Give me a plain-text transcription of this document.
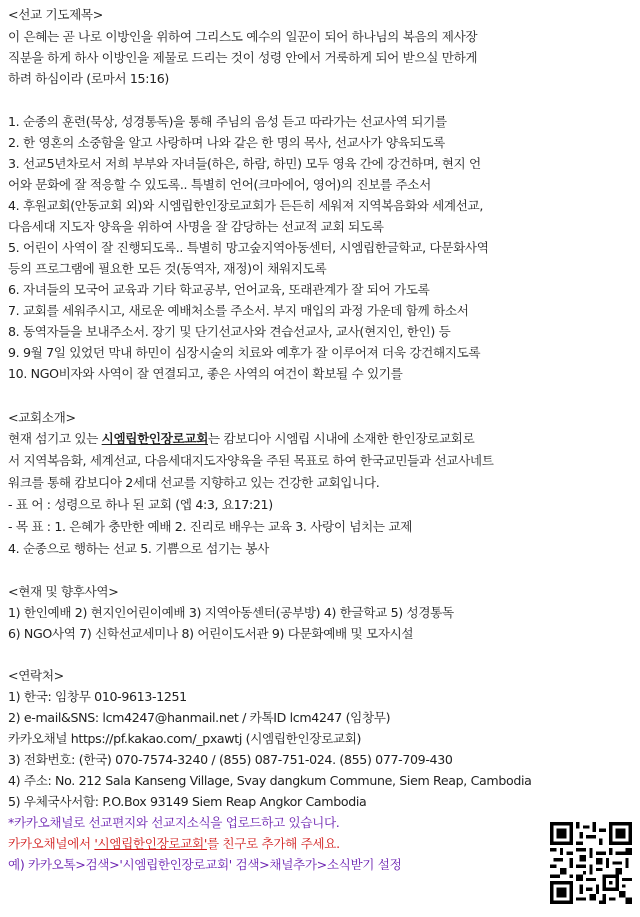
<선교 기도제목>
이 은혜는 곧 나로 이방인을 위하여 그리스도 예수의 일꾼이 되어 하나님의 복음의 제사장
직분을 하게 하사 이방인을 제물로 드리는 것이 성령 안에서 거룩하게 되어 받으실 만하게
하려 하심이라 (로마서 15:16)
1. 순종의 훈련(묵상, 성경통독)을 통해 주님의 음성 듣고 따라가는 선교사역 되기를
2. 한 영혼의 소중함을 알고 사랑하며 나와 같은 한 명의 목사, 선교사가 양육되도록
3. 선교5년차로서 저희 부부와 자녀들(하은, 하람, 하민) 모두 영육 간에 강건하며, 현지 언
어와 문화에 잘 적응할 수 있도록.. 특별히 언어(크마에어, 영어)의 진보를 주소서
4. 후원교회(안동교회 외)와 시엠립한인장로교회가 든든히 세워져 지역복음화와 세계선교,
다음세대 지도자 양육을 위하여 사명을 잘 감당하는 선교적 교회 되도록
5. 어린이 사역이 잘 진행되도록.. 특별히 망고숲지역아동센터, 시엠립한글학교, 다문화사역
등의 프로그램에 필요한 모든 것(동역자, 재정)이 채워지도록
6. 자녀들의 모국어 교육과 기타 학교공부, 언어교육, 또래관계가 잘 되어 가도록
7. 교회를 세워주시고, 새로운 예배처소를 주소서. 부지 매입의 과정 가운데 함께 하소서
8. 동역자들을 보내주소서. 장기 및 단기선교사와 견습선교사, 교사(현지인, 한인) 등
9. 9월 7일 있었던 막내 하민이 심장시술의 치료와 예후가 잘 이루어져 더욱 강건해지도록
10. NGO비자와 사역이 잘 연결되고, 좋은 사역의 여건이 확보될 수 있기를
<교회소개>
현재 섬기고 있는 시엠립한인장로교회는 캄보디아 시엠립 시내에 소재한 한인장로교회로
서 지역복음화, 세계선교, 다음세대지도자양육을 주된 목표로 하여 한국교민들과 선교사네트
워크를 통해 캄보디아 2세대 선교를 지향하고 있는 건강한 교회입니다.
- 표 어 : 성령으로 하나 된 교회 (엡 4:3, 요17:21)
- 목 표 : 1. 은혜가 충만한 예배 2. 진리로 배우는 교육 3. 사랑이 넘치는 교제
4. 순종으로 행하는 선교 5. 기쁨으로 섬기는 봉사
<현재 및 향후사역>
1) 한인예배 2) 현지인어린이예배 3) 지역아동센터(공부방) 4) 한글학교 5) 성경통독
6) NGO사역 7) 신학선교세미나 8) 어린이도서관 9) 다문화예배 및 모자시설
<연락처>
1) 한국: 임창무 010-9613-1251
2) e-mail&SNS: lcm4247@hanmail.net / 카톡ID lcm4247 (임창무)
카카오채널 https://pf.kakao.com/_pxawtj (시엠립한인장로교회)
3) 전화번호: (한국) 070-7574-3240 / (855) 087-751-024. (855) 077-709-430
4) 주소: No. 212 Sala Kanseng Village, Svay dangkum Commune, Siem Reap, Cambodia
5) 우체국사서함: P.O.Box 93149 Siem Reap Angkor Cambodia
*카카오채널로 선교편지와 선교지소식을 업로드하고 있습니다.
카카오채널에서 '시엠립한인장로교회'를 친구로 추가해 주세요.
예) 카카오톡>검색>'시엠립한인장로교회' 검색>채널추가>소식받기 설정
